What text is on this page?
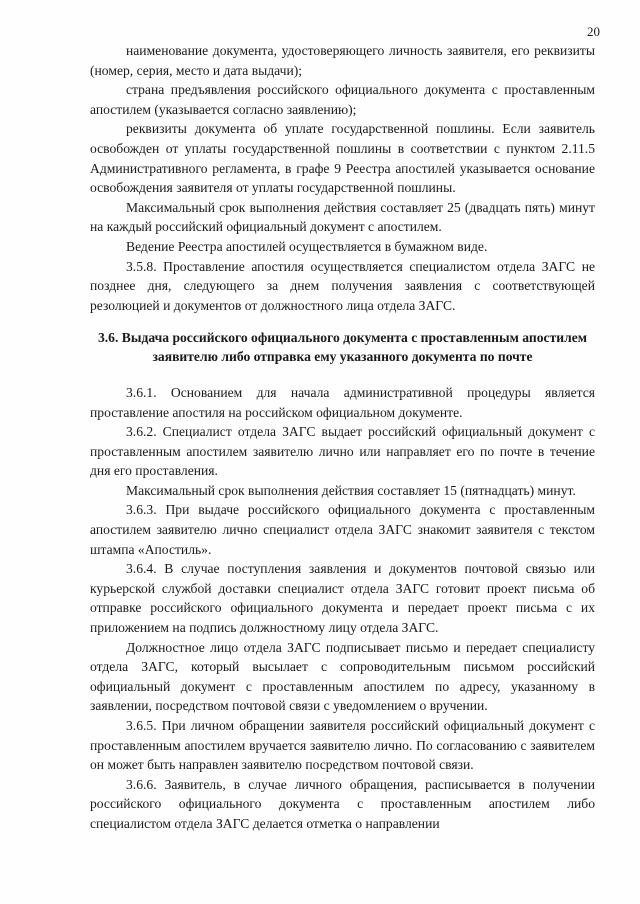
20

наименование документа, удостоверяющего личность заявителя, его реквизиты (номер, серия, место и дата выдачи);

страна предъявления российского официального документа с проставленным апостилем (указывается согласно заявлению);

реквизиты документа об уплате государственной пошлины. Если заявитель освобожден от уплаты государственной пошлины в соответствии с пунктом 2.11.5 Административного регламента, в графе 9 Реестра апостилей указывается основание освобождения заявителя от уплаты государственной пошлины.

Максимальный срок выполнения действия составляет 25 (двадцать пять) минут на каждый российский официальный документ с апостилем.

Ведение Реестра апостилей осуществляется в бумажном виде.

3.5.8. Проставление апостиля осуществляется специалистом отдела ЗАГС не позднее дня, следующего за днем получения заявления с соответствующей резолюцией и документов от должностного лица отдела ЗАГС.

3.6. Выдача российского официального документа с проставленным апостилем заявителю либо отправка ему указанного документа по почте

3.6.1. Основанием для начала административной процедуры является проставление апостиля на российском официальном документе.

3.6.2. Специалист отдела ЗАГС выдает российский официальный документ с проставленным апостилем заявителю лично или направляет его по почте в течение дня его проставления.

Максимальный срок выполнения действия составляет 15 (пятнадцать) минут.

3.6.3. При выдаче российского официального документа с проставленным апостилем заявителю лично специалист отдела ЗАГС знакомит заявителя с текстом штампа «Апостиль».

3.6.4. В случае поступления заявления и документов почтовой связью или курьерской службой доставки специалист отдела ЗАГС готовит проект письма об отправке российского официального документа и передает проект письма с их приложением на подпись должностному лицу отдела ЗАГС.

Должностное лицо отдела ЗАГС подписывает письмо и передает специалисту отдела ЗАГС, который высылает с сопроводительным письмом российский официальный документ с проставленным апостилем по адресу, указанному в заявлении, посредством почтовой связи с уведомлением о вручении.

3.6.5. При личном обращении заявителя российский официальный документ с проставленным апостилем вручается заявителю лично. По согласованию с заявителем он может быть направлен заявителю посредством почтовой связи.

3.6.6. Заявитель, в случае личного обращения, расписывается в получении российского официального документа с проставленным апостилем либо специалистом отдела ЗАГС делается отметка о направлении
